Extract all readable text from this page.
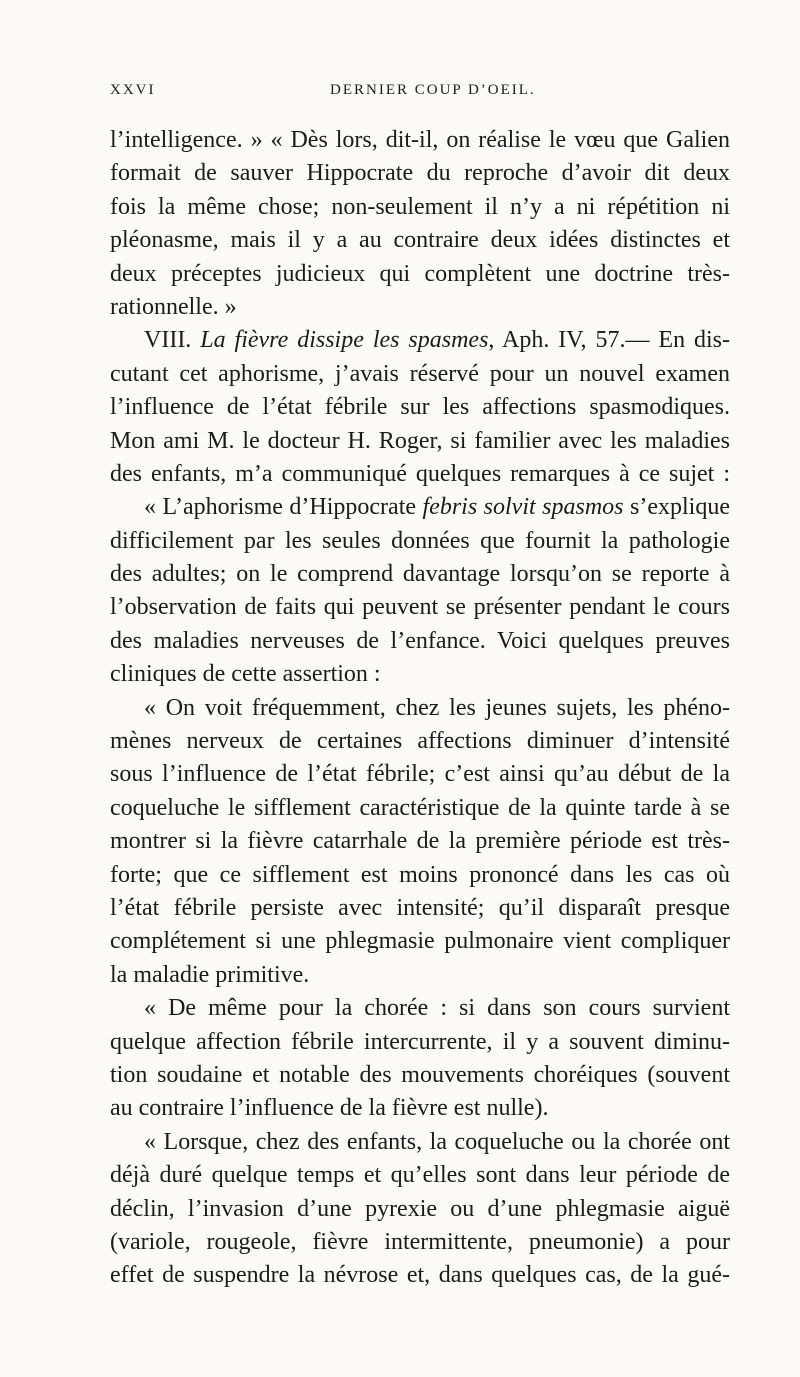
XXVI	DERNIER COUP D’OEIL.
l’intelligence. » « Dès lors, dit-il, on réalise le vœu que Galien
formait de sauver Hippocrate du reproche d’avoir dit deux
fois la même chose; non-seulement il n’y a ni répétition ni
pléonasme, mais il y a au contraire deux idées distinctes et
deux préceptes judicieux qui complètent une doctrine très-
rationnelle. »
VIII. La fièvre dissipe les spasmes, Aph. IV, 57.— En dis-
cutant cet aphorisme, j’avais réservé pour un nouvel examen
l’influence de l’état fébrile sur les affections spasmodiques.
Mon ami M. le docteur H. Roger, si familier avec les maladies
des enfants, m’a communiqué quelques remarques à ce sujet :
« L’aphorisme d’Hippocrate febris solvit spasmos s’explique
difficilement par les seules données que fournit la pathologie
des adultes; on le comprend davantage lorsqu’on se reporte à
l’observation de faits qui peuvent se présenter pendant le cours
des maladies nerveuses de l’enfance. Voici quelques preuves
cliniques de cette assertion :
« On voit fréquemment, chez les jeunes sujets, les phéno-
mènes nerveux de certaines affections diminuer d’intensité
sous l’influence de l’état fébrile; c’est ainsi qu’au début de la
coqueluche le sifflement caractéristique de la quinte tarde à se
montrer si la fièvre catarrhale de la première période est très-
forte; que ce sifflement est moins prononcé dans les cas où
l’état fébrile persiste avec intensité; qu’il disparaît presque
complétement si une phlegmasie pulmonaire vient compliquer
la maladie primitive.
« De même pour la chorée : si dans son cours survient
quelque affection fébrile intercurrente, il y a souvent diminu-
tion soudaine et notable des mouvements choréiques (souvent
au contraire l’influence de la fièvre est nulle).
« Lorsque, chez des enfants, la coqueluche ou la chorée ont
déjà duré quelque temps et qu’elles sont dans leur période de
déclin, l’invasion d’une pyrexie ou d’une phlegmasie aiguë
(variole, rougeole, fièvre intermittente, pneumonie) a pour
effet de suspendre la névrose et, dans quelques cas, de la gué-
